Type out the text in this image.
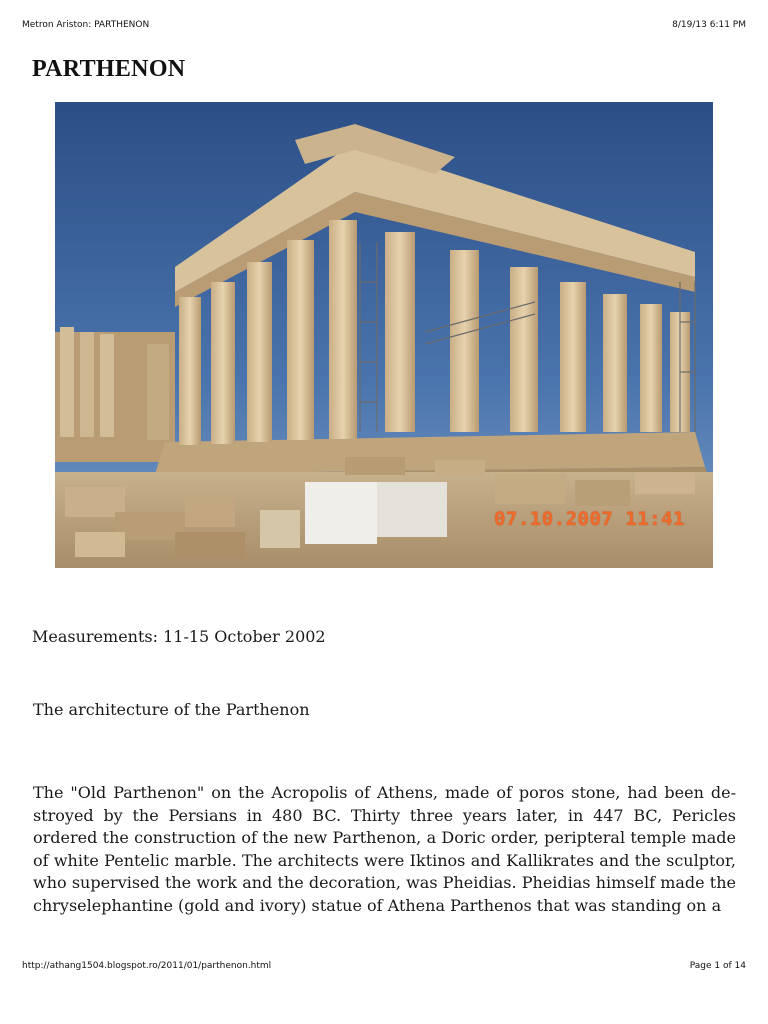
Metron Ariston: PARTHENON	8/19/13 6:11 PM
PARTHENON
07.10.2007 11:41

Measurements: 11-15 October 2002

The architecture of the Parthenon

The "Old Parthenon" on the Acropolis of Athens, made of poros stone, had been destroyed by the Persians in 480 BC. Thirty three years later, in 447 BC, Pericles ordered the construction of the new Parthenon, a Doric order, peripteral temple made of white Pentelic marble. The architects were Iktinos and Kallikrates and the sculptor, who supervised the work and the decoration, was Pheidias. Pheidias himself made the chryselephantine (gold and ivory) statue of Athena Parthenos that was standing on a

http://athang1504.blogspot.ro/2011/01/parthenon.html	Page 1 of 14
